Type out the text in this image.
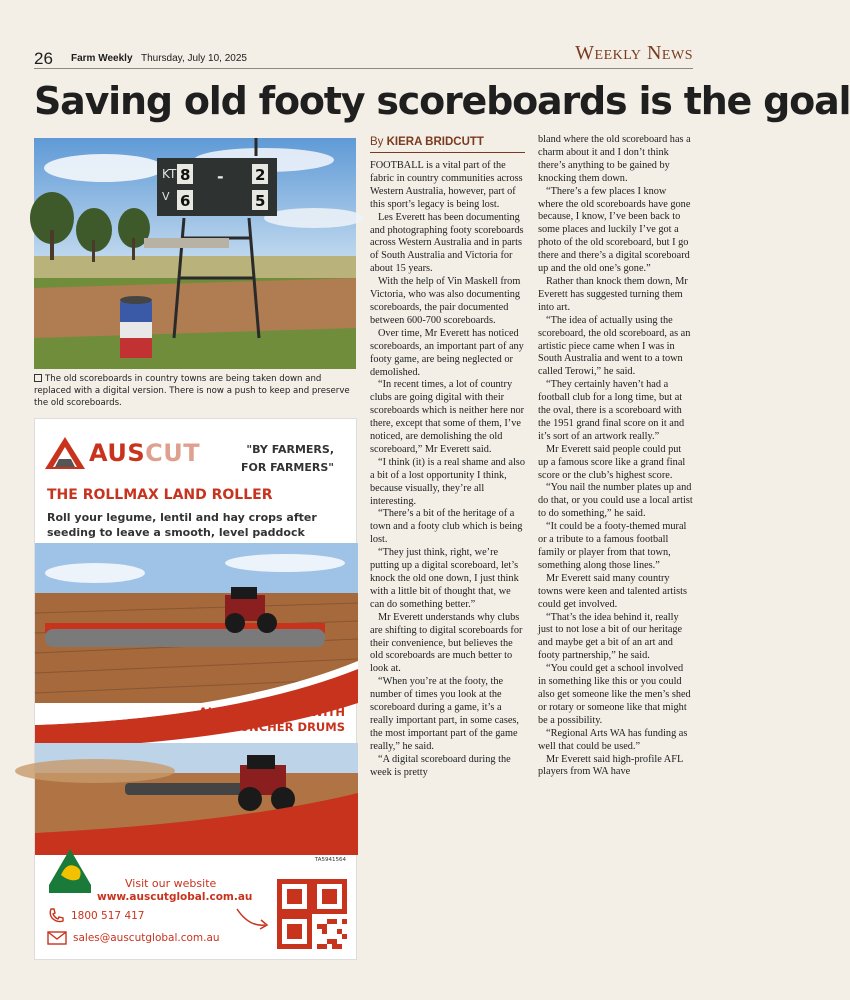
26 Farm Weekly Thursday, July 10, 2025	Weekly News
Saving old footy scoreboards is the goal
KT
V
8
6
- 2
5
The old scoreboards in country towns are being taken down and replaced with a digital version. There is now a push to keep and preserve the old scoreboards.
AUSCUT	"BY FARMERS,
FOR FARMERS"
THE ROLLMAX LAND ROLLER
Roll your legume, lentil and hay crops after seeding to leave a smooth, level paddock
ALSO AVAILABLE WITH
RESIDUE CRUNCHER DRUMS
TA5941564
Visit our website
www.auscutglobal.com.au
1800 517 417
sales@auscutglobal.com.au
By KIERA BRIDCUTT

FOOTBALL is a vital part of the fabric in country communities across Western Australia, however, part of this sport’s legacy is being lost.

Les Everett has been documenting and photographing footy scoreboards across Western Australia and in parts of South Australia and Victoria for about 15 years.

With the help of Vin Maskell from Victoria, who was also documenting scoreboards, the pair documented between 600-700 scoreboards.

Over time, Mr Everett has noticed scoreboards, an important part of any footy game, are being neglected or demolished.

“In recent times, a lot of country clubs are going digital with their scoreboards which is neither here nor there, except that some of them, I’ve noticed, are demolishing the old scoreboard,” Mr Everett said.

“I think (it) is a real shame and also a bit of a lost opportunity I think, because visually, they’re all interesting.

“There’s a bit of the heritage of a town and a footy club which is being lost.

“They just think, right, we’re putting up a digital scoreboard, let’s knock the old one down, I just think with a little bit of thought that, we can do something better.”

Mr Everett understands why clubs are shifting to digital scoreboards for their convenience, but believes the old scoreboards are much better to look at.

“When you’re at the footy, the number of times you look at the scoreboard during a game, it’s a really important part, in some cases, the most important part of the game really,” he said.

“A digital scoreboard during the week is pretty

bland where the old scoreboard has a charm about it and I don’t think there’s anything to be gained by knocking them down.

“There’s a few places I know where the old scoreboards have gone because, I know, I’ve been back to some places and luckily I’ve got a photo of the old scoreboard, but I go there and there’s a digital scoreboard up and the old one’s gone.”

Rather than knock them down, Mr Everett has suggested turning them into art.

“The idea of actually using the scoreboard, the old scoreboard, as an artistic piece came when I was in South Australia and went to a town called Terowi,” he said.

“They certainly haven’t had a football club for a long time, but at the oval, there is a scoreboard with the 1951 grand final score on it and it’s sort of an artwork really.”

Mr Everett said people could put up a famous score like a grand final score or the club’s highest score.

“You nail the number plates up and do that, or you could use a local artist to do something,” he said.

“It could be a footy-themed mural or a tribute to a famous football family or player from that town, something along those lines.”

Mr Everett said many country towns were keen and talented artists could get involved.

“That’s the idea behind it, really just to not lose a bit of our heritage and maybe get a bit of an art and footy partnership,” he said.

“You could get a school involved in something like this or you could also get someone like the men’s shed or rotary or someone like that might be a possibility.

“Regional Arts WA has funding as well that could be used.”

Mr Everett said high-profile AFL players from WA have
